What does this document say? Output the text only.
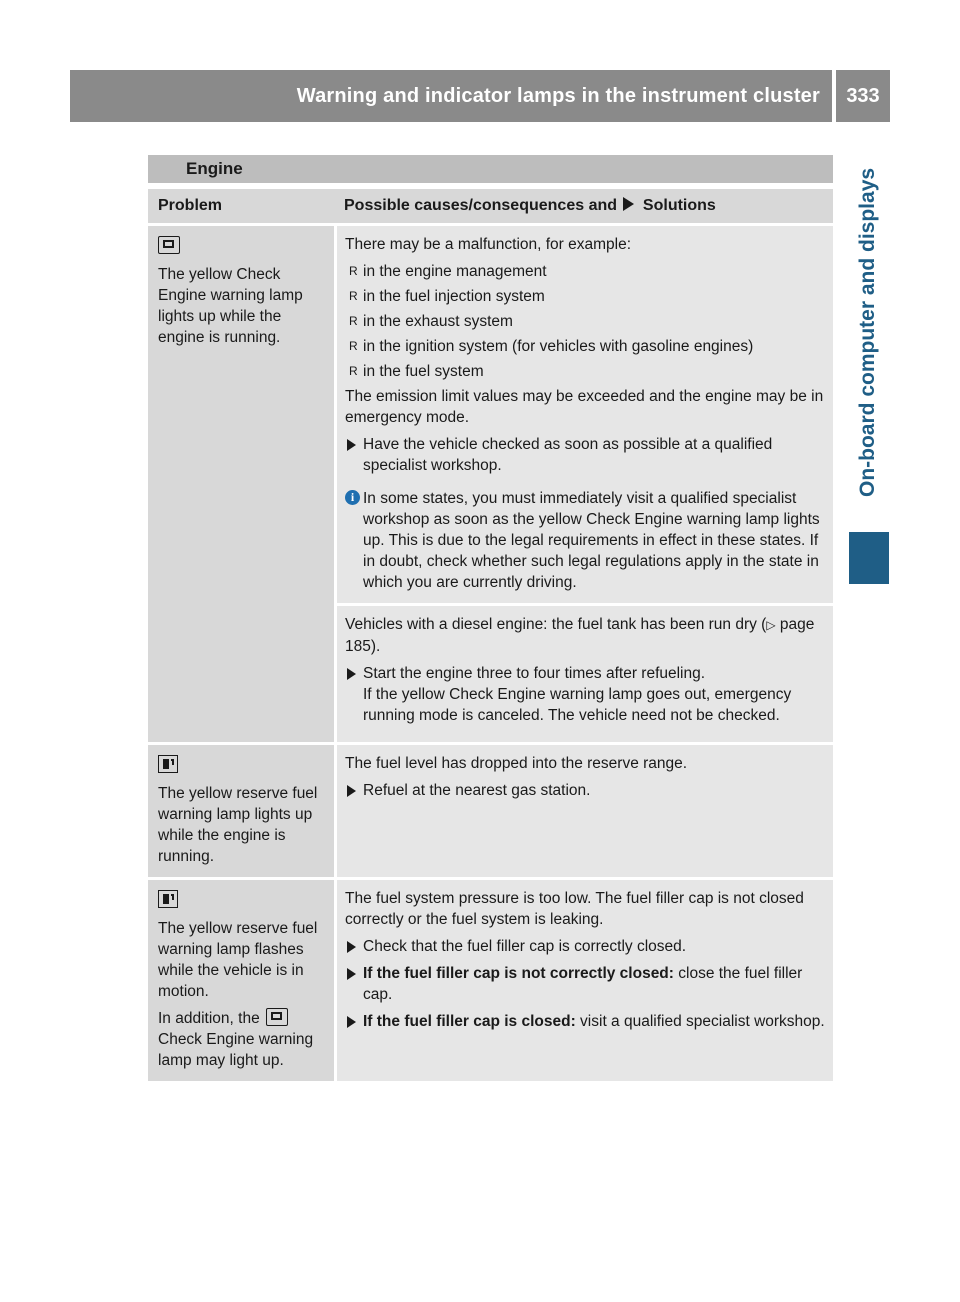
Warning and indicator lamps in the instrument cluster	333
On-board computer and displays
Engine
Problem	Possible causes/consequences and Solutions
The yellow Check Engine warning lamp lights up while the engine is running.

There may be a malfunction, for example:

R in the engine management
R in the fuel injection system
R in the exhaust system
R in the ignition system (for vehicles with gasoline engines)
R in the fuel system

The emission limit values may be exceeded and the engine may be in emergency mode.

Have the vehicle checked as soon as possible at a qualified specialist workshop.
i In some states, you must immediately visit a qualified specialist workshop as soon as the yellow Check Engine warning lamp lights up. This is due to the legal requirements in effect in these states. If in doubt, check whether such legal regulations apply in the state in which you are currently driving.

Vehicles with a diesel engine: the fuel tank has been run dry (▷ page 185).

Start the engine three to four times after refueling.
If the yellow Check Engine warning lamp goes out, emergency running mode is canceled. The vehicle need not be checked.
The yellow reserve fuel warning lamp lights up while the engine is running.

The fuel level has dropped into the reserve range.

Refuel at the nearest gas station.

The yellow reserve fuel warning lamp flashes while the vehicle is in motion.

In addition, the
Check Engine warning lamp may light up.

The fuel system pressure is too low. The fuel filler cap is not closed correctly or the fuel system is leaking.

Check that the fuel filler cap is correctly closed.
If the fuel filler cap is not correctly closed: close the fuel filler cap.
If the fuel filler cap is closed: visit a qualified specialist workshop.
